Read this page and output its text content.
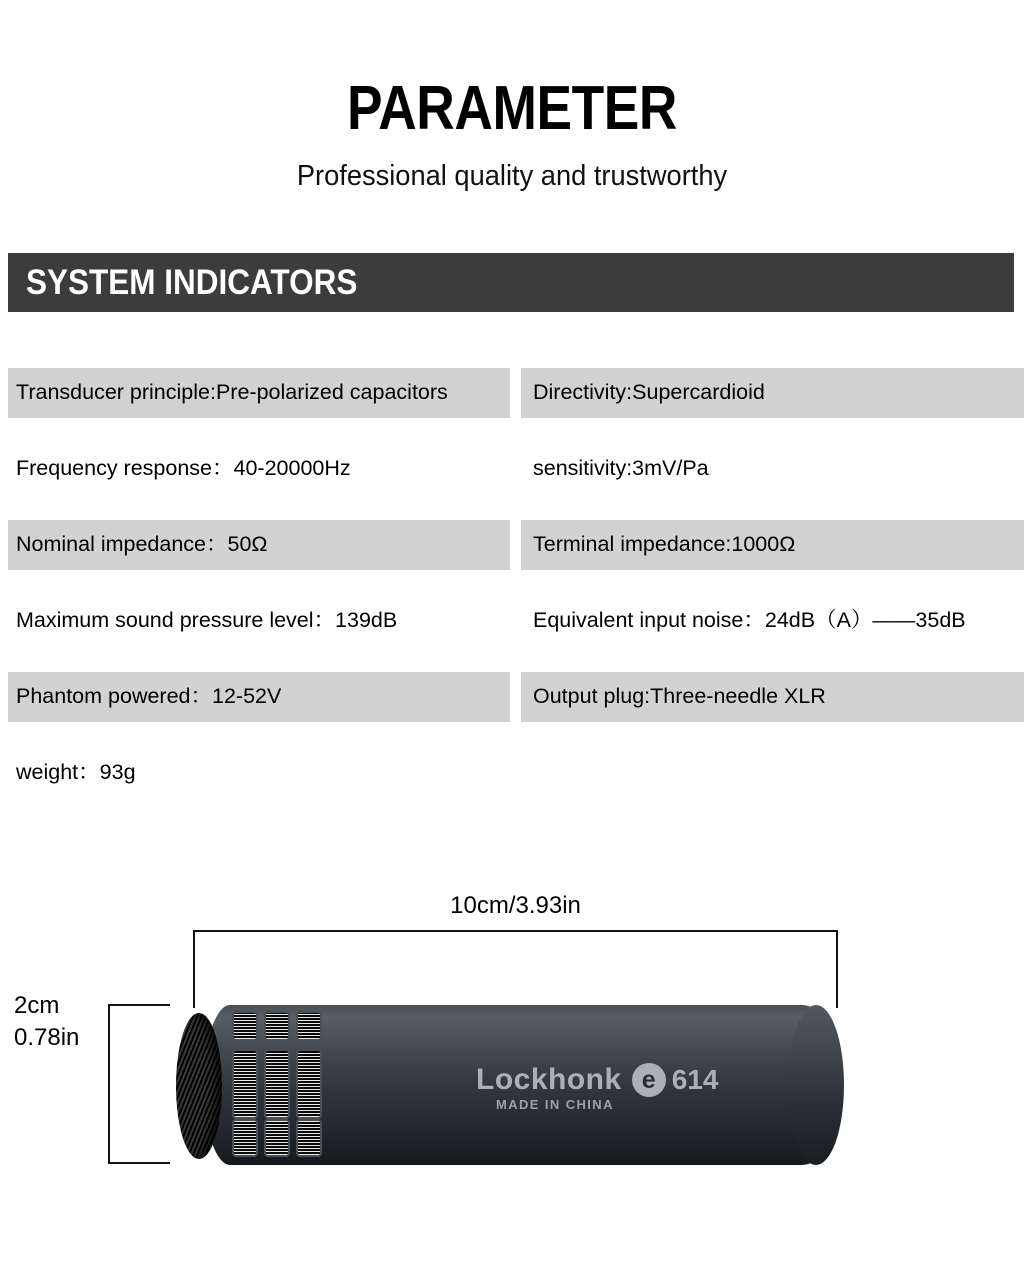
PARAMETER

Professional quality and trustworthy

SYSTEM INDICATORS
Transducer principle:Pre-polarized capacitors	Directivity:Supercardioid
Frequency response：40-20000Hz	sensitivity:3mV/Pa
Nominal impedance：50Ω	Terminal impedance:1000Ω
Maximum sound pressure level：139dB	Equivalent input noise：24dB（A）——35dB
Phantom powered：12-52V	Output plug:Three-needle XLR
weight：93g
10cm/3.93in
2cm
0.78in
Lockhonk e 614
MADE IN CHINA
